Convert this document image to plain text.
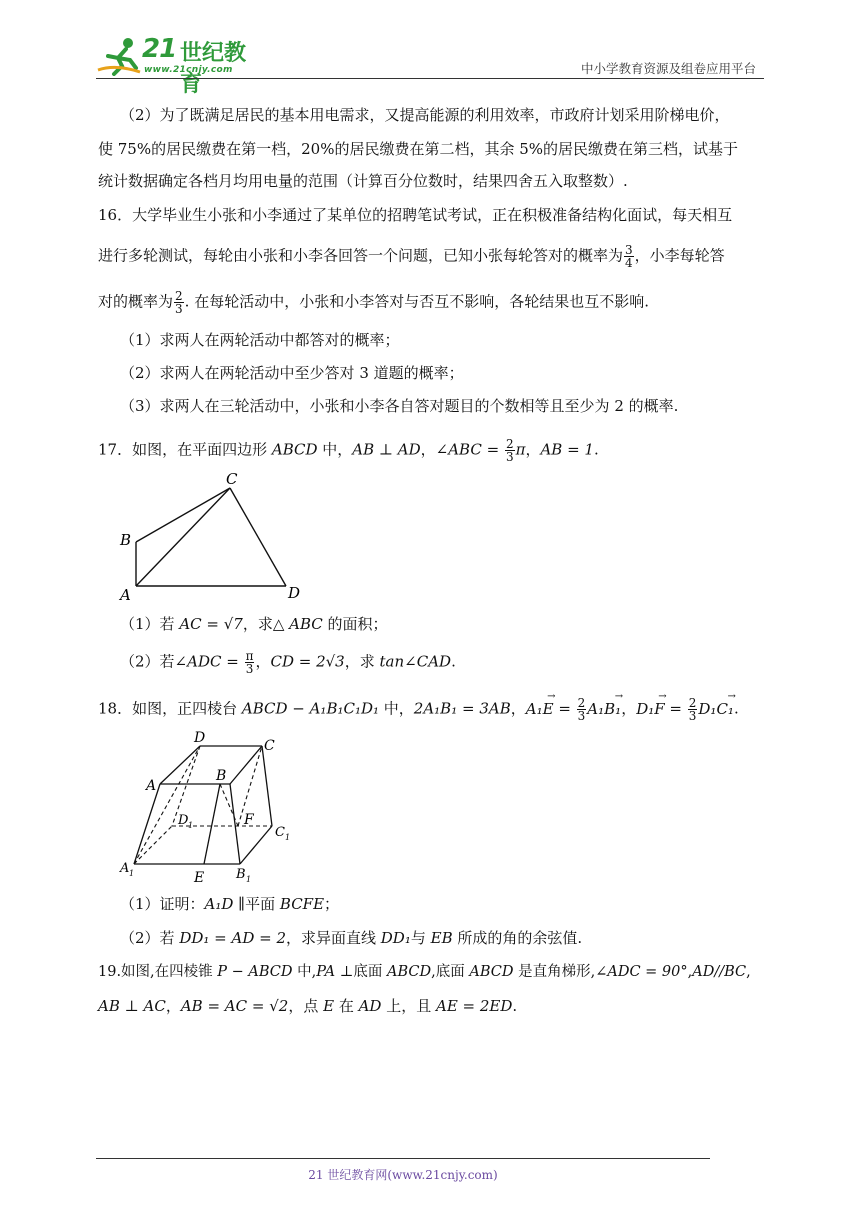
21 世纪教育
www.21cnjy.com	中小学教育资源及组卷应用平台
（2）为了既满足居民的基本用电需求，又提高能源的利用效率，市政府计划采用阶梯电价，
使 75%的居民缴费在第一档，20%的居民缴费在第二档，其余 5%的居民缴费在第三档，试基于
统计数据确定各档月均用电量的范围（计算百分位数时，结果四舍五入取整数）.
16．大学毕业生小张和小李通过了某单位的招聘笔试考试，正在积极准备结构化面试，每天相互
进行多轮测试，每轮由小张和小李各回答一个问题，已知小张每轮答对的概率为 $\frac{3}{4}$ ，小李每轮答
对的概率为 $\frac{2}{3}$ . 在每轮活动中，小张和小李答对与否互不影响，各轮结果也互不影响.
（1）求两人在两轮活动中都答对的概率；
（2）求两人在两轮活动中至少答对 3 道题的概率；
（3）求两人在三轮活动中，小张和小李各自答对题目的个数相等且至少为 2 的概率.
17．如图，在平面四边形 ABCD 中，AB ⊥ AD，∠ABC = $\frac{2}{3}$ π，AB = 1.
A
B
C
D
（1）若 AC = √7，求△ ABC 的面积；
（2）若∠ADC = $\frac{\pi}{3}$ ，CD = 2√3，求 tan∠CAD.
18．如图，正四棱台 ABCD − A₁B₁C₁D₁ 中，2A₁B₁ = 3AB，A₁E → = $\frac{2}{3} A_1B_1$ →，D₁F → = $\frac{2}{3} D_1C_1$ →.
D	C
A
B
D 1	F
C 1
A 1	E B 1
（1）证明：A₁D ∥平面 BCFE；
（2）若 DD₁ = AD = 2，求异面直线 DD₁与 EB 所成的角的余弦值.
19.如图,在四棱锥 P − ABCD 中,PA ⊥底面 ABCD,底面 ABCD 是直角梯形,∠ADC = 90°,AD//BC,
AB ⊥ AC，AB = AC = √2，点 E 在 AD 上，且 AE = 2ED.
21 世纪教育网(www.21cnjy.com)
